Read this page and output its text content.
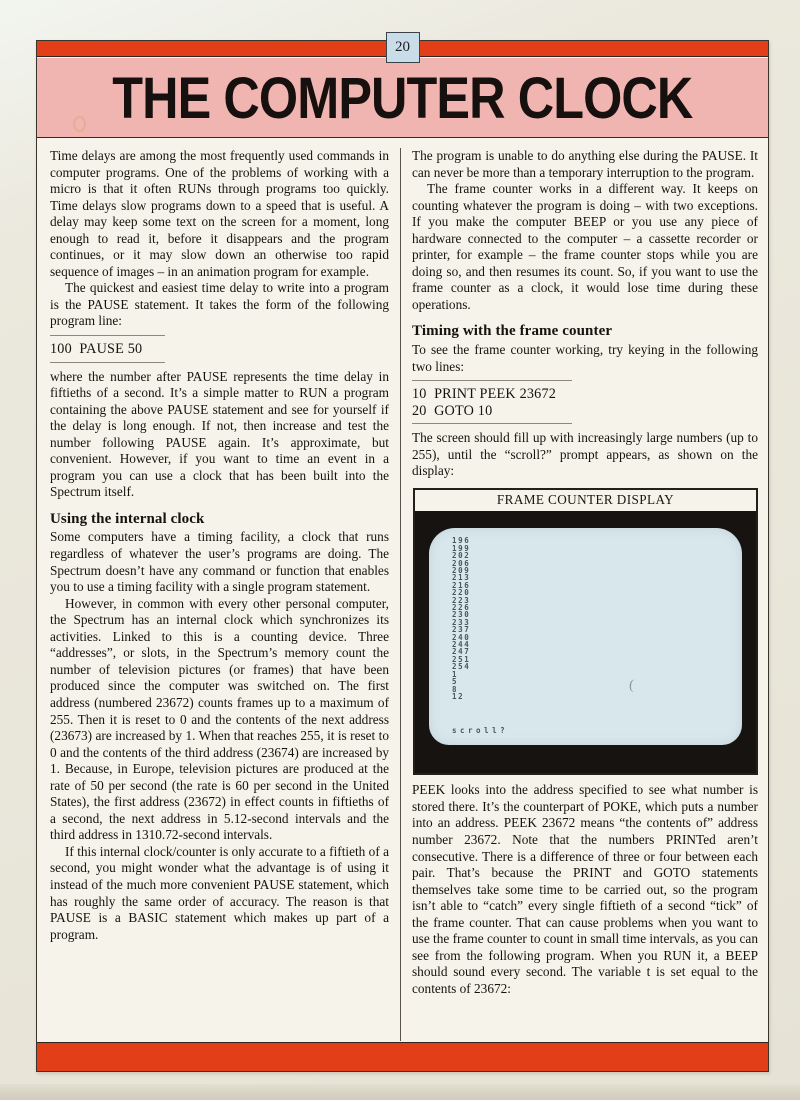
20
THE COMPUTER CLOCK

Time delays are among the most frequently used commands in computer programs. One of the problems of working with a micro is that it often RUNs through programs too quickly. Time delays slow programs down to a speed that is useful. A delay may keep some text on the screen for a moment, long enough to read it, before it disappears and the program continues, or it may slow down an otherwise too rapid sequence of images – in an animation program for example.

The quickest and easiest time delay to write into a program is the PAUSE statement. It takes the form of the following program line:

100  PAUSE 50

where the number after PAUSE represents the time delay in fiftieths of a second. It’s a simple matter to RUN a program containing the above PAUSE statement and see for yourself if the delay is long enough. If not, then increase and test the number following PAUSE again. It’s approximate, but convenient. However, if you want to time an event in a program you can use a clock that has been built into the Spectrum itself.

Using the internal clock

Some computers have a timing facility, a clock that runs regardless of whatever the user’s programs are doing. The Spectrum doesn’t have any command or function that enables you to use a timing facility with a single program statement.

However, in common with every other personal computer, the Spectrum has an internal clock which synchronizes its activities. Linked to this is a counting device. Three “addresses”, or slots, in the Spectrum’s memory count the number of television pictures (or frames) that have been produced since the computer was switched on. The first address (numbered 23672) counts frames up to a maximum of 255. Then it is reset to 0 and the contents of the next address (23673) are increased by 1. When that reaches 255, it is reset to 0 and the contents of the third address (23674) are increased by 1. Because, in Europe, television pictures are produced at the rate of 50 per second (the rate is 60 per second in the United States), the first address (23672) in effect counts in fiftieths of a second, the next address in 5.12-second intervals and the third address in 1310.72-second intervals.

If this internal clock/counter is only accurate to a fiftieth of a second, you might wonder what the advantage is of using it instead of the much more convenient PAUSE statement, which has roughly the same order of accuracy. The reason is that PAUSE is a BASIC statement which makes up part of a program.

The program is unable to do anything else during the PAUSE. It can never be more than a temporary interruption to the program.

The frame counter works in a different way. It keeps on counting whatever the program is doing – with two exceptions. If you make the computer BEEP or you use any piece of hardware connected to the computer – a cassette recorder or printer, for example – the frame counter stops while you are doing so, and then resumes its count. So, if you want to use the frame counter as a clock, it would lose time during these operations.

Timing with the frame counter

To see the frame counter working, try keying in the following two lines:

10  PRINT PEEK 23672
20  GOTO 10

The screen should fill up with increasingly large numbers (up to 255), until the “scroll?” prompt appears, as shown on the display:

FRAME COUNTER DISPLAY
196
199
202
206
209
213
216
220
223
226
230
233
237
240
244
247
251
254
1
5
8
12
scroll?
(

PEEK looks into the address specified to see what number is stored there. It’s the counterpart of POKE, which puts a number into an address. PEEK 23672 means “the contents of” address number 23672. Note that the numbers PRINTed aren’t consecutive. There is a difference of three or four between each pair. That’s because the PRINT and GOTO statements themselves take some time to be carried out, so the program isn’t able to “catch” every single fiftieth of a second “tick” of the frame counter. That can cause problems when you want to use the frame counter to count in small time intervals, as you can see from the following program. When you RUN it, a BEEP should sound every second. The variable t is set equal to the contents of 23672:
